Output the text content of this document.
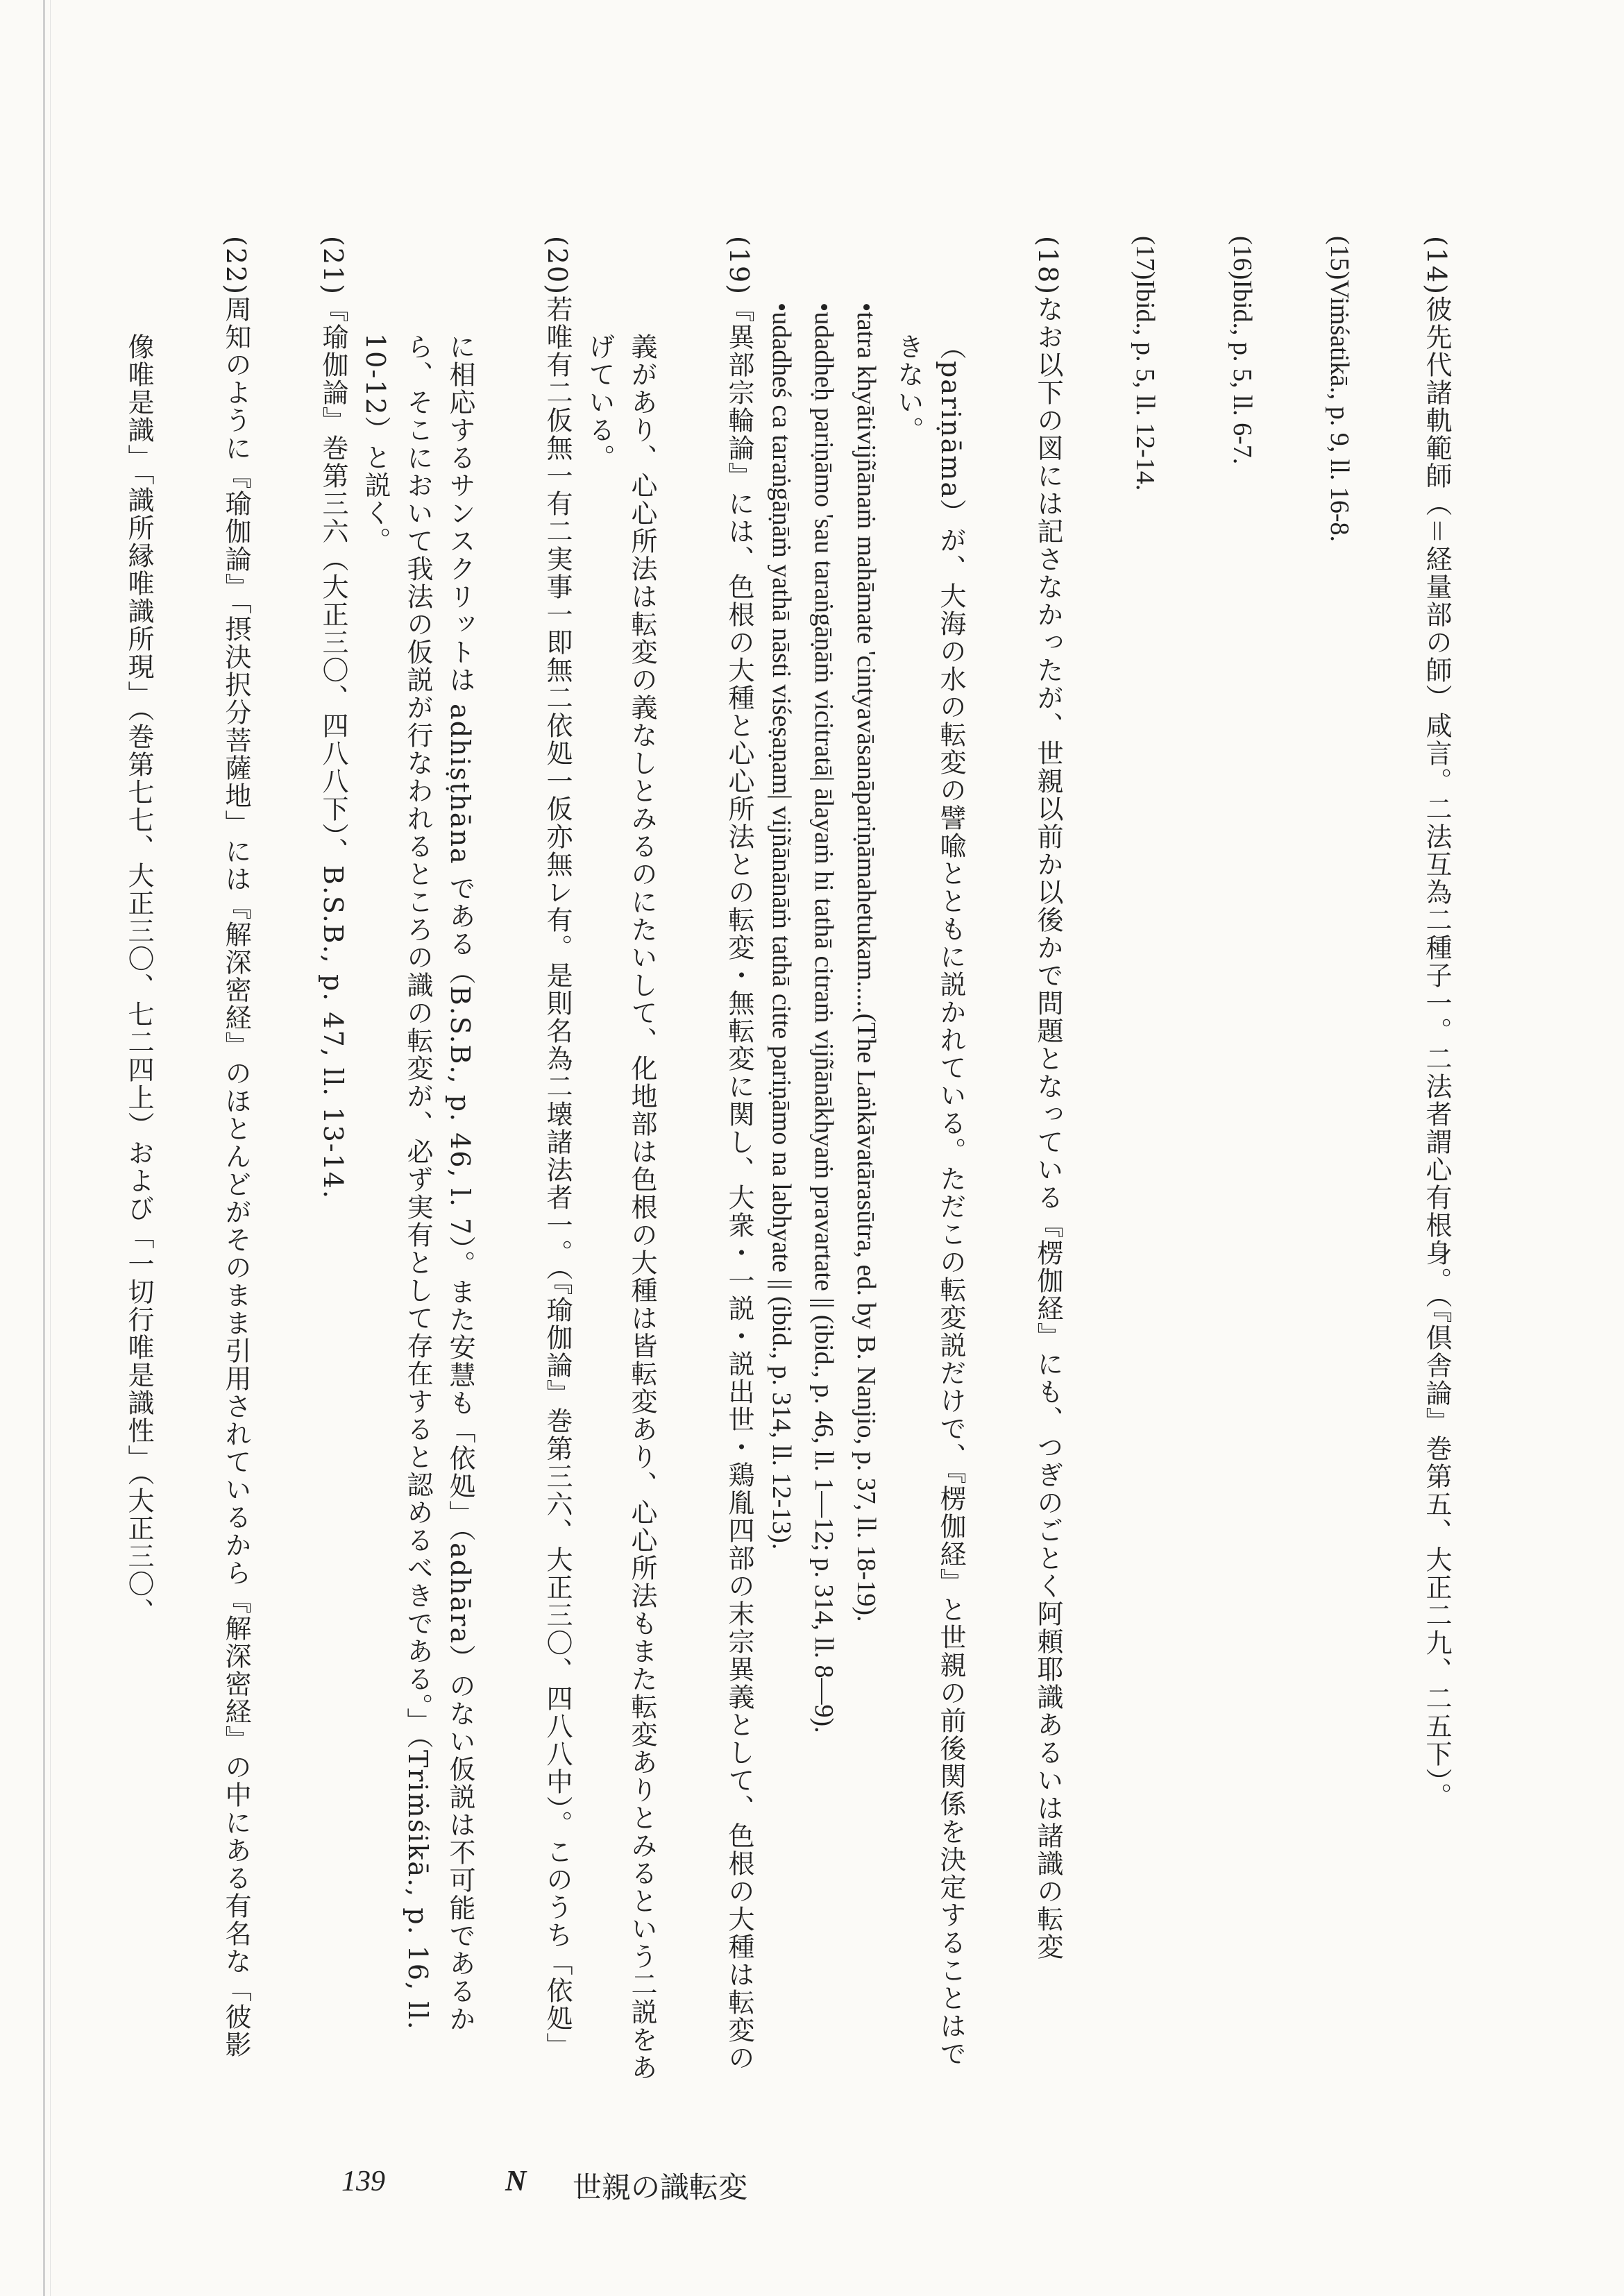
(14)彼先代諸軌範師（＝経量部の師）咸言。二法互為二種子一。二法者謂心有根身。（『倶舎論』巻第五、大正二九、二五下）。
(15)Viṁśatikā., p. 9, ll. 16-8.
(16)Ibid., p. 5, ll. 6-7.
(17)Ibid., p. 5, ll. 12-14.
(18)なお以下の図には記さなかったが、世親以前か以後かで問題となっている『楞伽経』にも、つぎのごとく阿頼耶識あるいは諸識の転変（pariṇāma）が、大海の水の転変の譬喩とともに説かれている。ただこの転変説だけで、『楞伽経』と世親の前後関係を決定することはできない。
•tatra khyātivijñānaṁ mahāmate 'cintyavāsanāpariṇāmahetukam.....(The Laṅkāvatārasūtra, ed. by B. Nanjio, p. 37, ll. 18-19).
•udadheḥ pariṇāmo 'sau taraṅgāṇāṁ vicitratā| ālayaṁ hi tathā citraṁ vijñānākhyaṁ pravartate || (ibid., p. 46, ll. 1—12; p. 314, ll. 8—9).
•udadheś ca taraṅgāṇāṁ yathā nāsti viśeṣaṇam| vijñānānāṁ tathā citte pariṇāmo na labhyate || (ibid., p. 314, ll. 12-13).
(19)『異部宗輪論』には、色根の大種と心心所法との転変・無転変に関し、大衆・一説・説出世・鶏胤四部の末宗異義として、色根の大種は転変の義があり、心心所法は転変の義なしとみるのにたいして、化地部は色根の大種は皆転変あり、心心所法もまた転変ありとみるという二説をあげている。
(20)若唯有二仮無一有二実事一即無二依処一仮亦無レ有。是則名為二壊諸法者一。（『瑜伽論』巻第三六、大正三〇、四八八中）。このうち「依処」に相応するサンスクリットは adhiṣṭhāna である（B.S.B., p. 46, l. 7）。また安慧も「依処」（adhāra）のない仮説は不可能であるから、そこにおいて我法の仮説が行なわれるところの識の転変が、必ず実有として存在すると認めるべきである。」（Triṁśikā., p. 16, ll. 10-12）と説く。
(21)『瑜伽論』巻第三六（大正三〇、四八八下）、B.S.B., p. 47, ll. 13-14.
(22)周知のように『瑜伽論』「摂決択分菩薩地」には『解深密経』のほとんどがそのまま引用されているから『解深密経』の中にある有名な「彼影像唯是識」「識所縁唯識所現」（巻第七七、大正三〇、七二四上）および「一切行唯是識性」（大正三〇、
139	N 世親の識転変
